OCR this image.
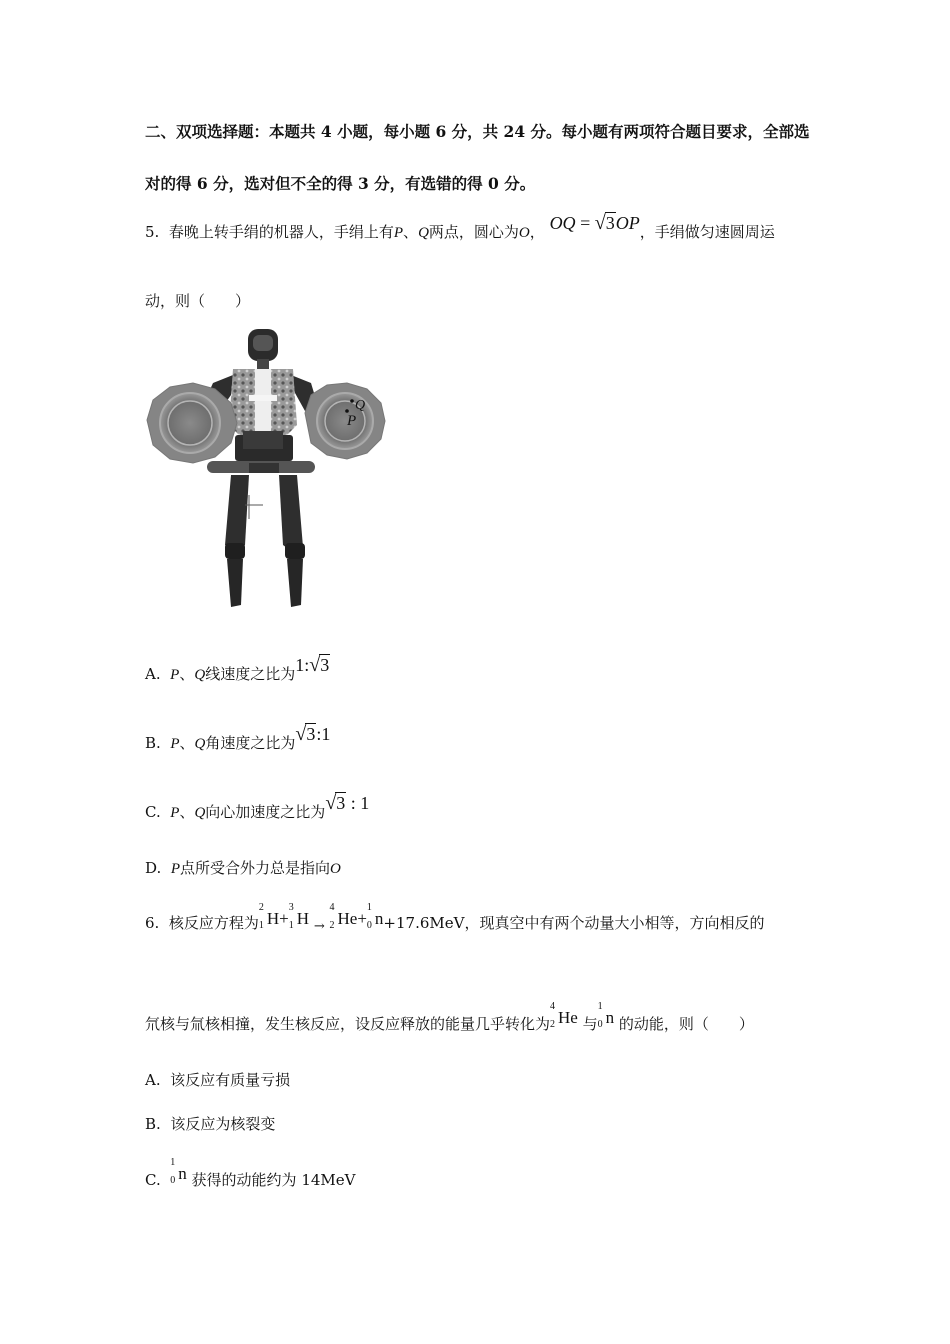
二、双项选择题：本题共 4 小题，每小题 6 分，共 24 分。每小题有两项符合题目要求，全部选
对的得 6 分，选对但不全的得 3 分，有选错的得 0 分。
5. 春晚上转手绢的机器人，手绢上有P、Q两点，圆心为O， OQ = √3OP，手绢做匀速圆周运
动，则（　　）
Q
P
A. P、Q线速度之比为1:√3
B. P、Q角速度之比为√3:1
C. P、Q向心加速度之比为√3 : 1
D. P点所受合外力总是指向O
6. 核反应方程为
2
1 H+
3
1 H →
4
2 He+
1
0 n+17.6MeV，现真空中有两个动量大小相等，方向相反的
氘核与氚核相撞，发生核反应，设反应释放的能量几乎转化为
4
2 He 与
1
0 n 的动能，则（　　）
A. 该反应有质量亏损
B. 该反应为核裂变
C.
1
0 n 获得的动能约为 14MeV
